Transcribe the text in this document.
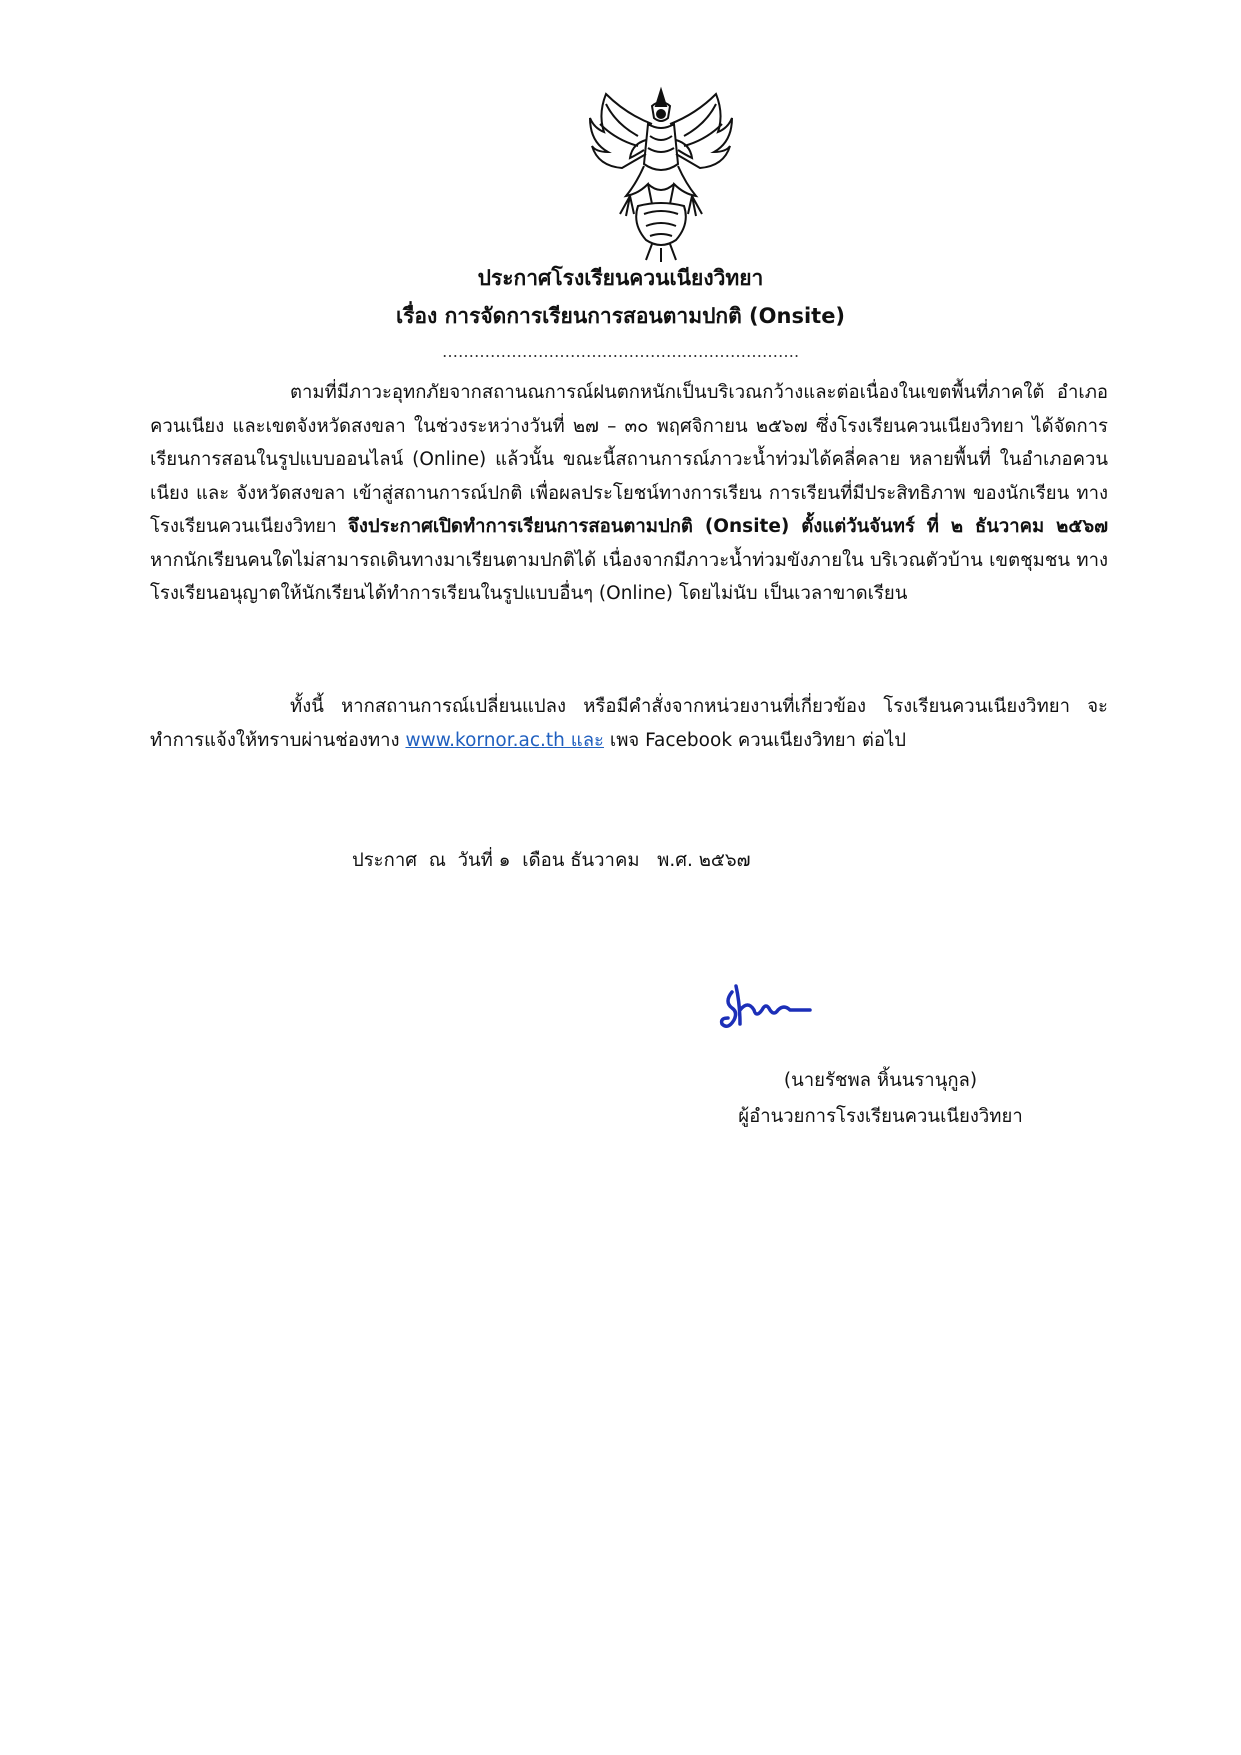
ประกาศโรงเรียนควนเนียงวิทยา
เรื่อง การจัดการเรียนการสอนตามปกติ (Onsite)
………………………………………………………….
ตามที่มีภาวะอุทกภัยจากสถานณการณ์ฝนตกหนักเป็นบริเวณกว้างและต่อเนื่องในเขตพื้นที่ภาคใต้ อำเภอควนเนียง และเขตจังหวัดสงขลา ในช่วงระหว่างวันที่ ๒๗ – ๓๐ พฤศจิกายน ๒๕๖๗ ซึ่งโรงเรียนควนเนียงวิทยา ได้จัดการเรียนการสอนในรูปแบบออนไลน์ (Online) แล้วนั้น ขณะนี้สถานการณ์ภาวะน้ำท่วมได้คลี่คลาย หลายพื้นที่ ในอำเภอควนเนียง และ จังหวัดสงขลา เข้าสู่สถานการณ์ปกติ เพื่อผลประโยชน์ทางการเรียน การเรียนที่มีประสิทธิภาพ ของนักเรียน ทางโรงเรียนควนเนียงวิทยา จึงประกาศเปิดทำการเรียนการสอนตามปกติ (Onsite) ตั้งแต่วันจันทร์ ที่ ๒ ธันวาคม ๒๕๖๗ หากนักเรียนคนใดไม่สามารถเดินทางมาเรียนตามปกติได้ เนื่องจากมีภาวะน้ำท่วมขังภายใน บริเวณตัวบ้าน เขตชุมชน ทางโรงเรียนอนุญาตให้นักเรียนได้ทำการเรียนในรูปแบบอื่นๆ (Online) โดยไม่นับ เป็นเวลาขาดเรียน
ทั้งนี้ หากสถานการณ์เปลี่ยนแปลง หรือมีคำสั่งจากหน่วยงานที่เกี่ยวข้อง โรงเรียนควนเนียงวิทยา จะทำการแจ้งให้ทราบผ่านช่องทาง www.kornor.ac.th และ เพจ Facebook ควนเนียงวิทยา ต่อไป
ประกาศ  ณ  วันที่ ๑  เดือน ธันวาคม   พ.ศ. ๒๕๖๗
(นายรัชพล หิ้นนรานุกูล)
ผู้อำนวยการโรงเรียนควนเนียงวิทยา
